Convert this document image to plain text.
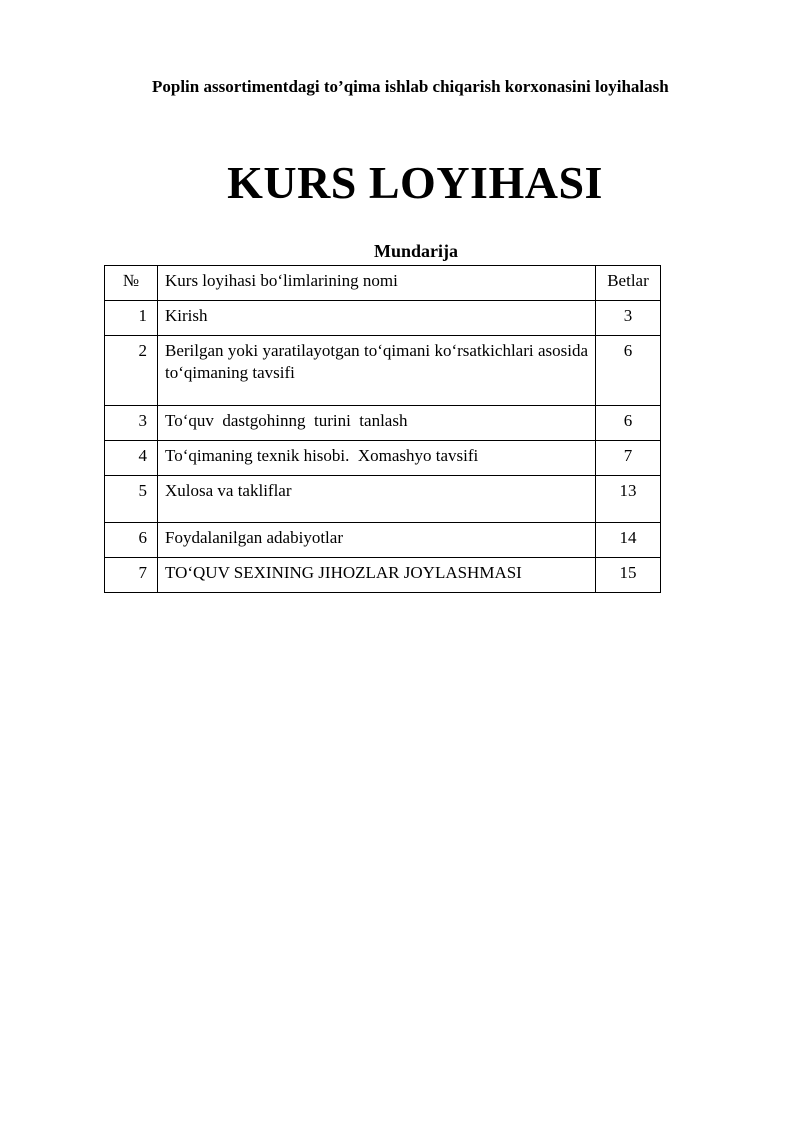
Poplin assortimentdagi to’qima ishlab chiqarish korxonasini loyihalash
KURS LOYIHASI
Mundarija
№	Kurs loyihasi bo‘limlarining nomi	Betlar
1	Kirish	3
2	Berilgan yoki yaratilayotgan to‘qimani ko‘rsatkichlari asosida to‘qimaning tavsifi	6
3	To‘quv  dastgohinng  turini  tanlash	6
4	To‘qimaning texnik hisobi.  Xomashyo tavsifi	7
5	Xulosa va takliflar	13
6	Foydalanilgan adabiyotlar	14
7	TO‘QUV SEXINING JIHOZLAR JOYLASHMASI	15
